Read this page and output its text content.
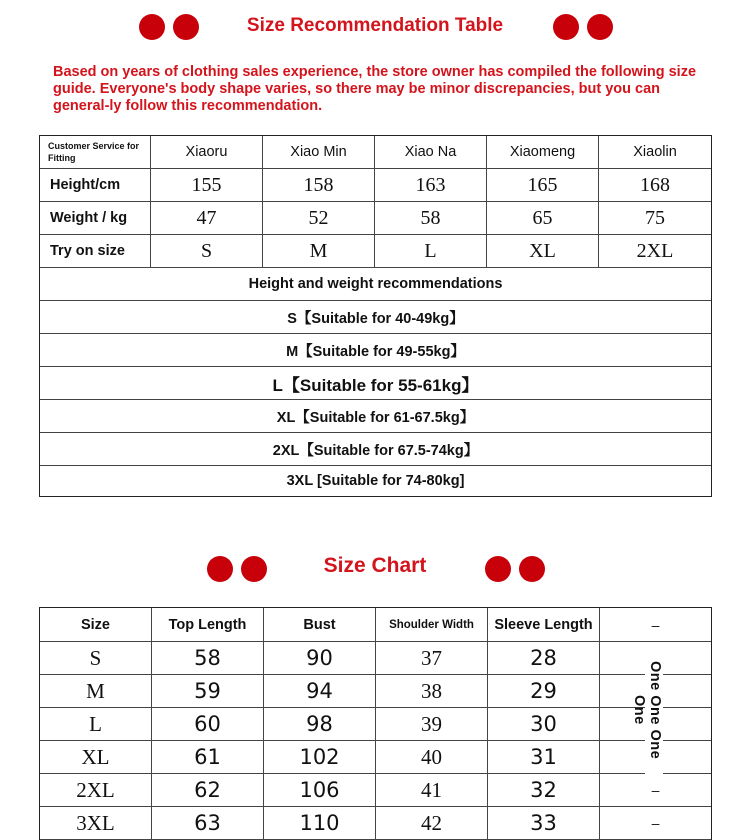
Size Recommendation Table
Based on years of clothing sales experience, the store owner has compiled the following size guide. Everyone's body shape varies, so there may be minor discrepancies, but you can general-ly follow this recommendation.
Customer Service for Fitting	Xiaoru	Xiao Min	Xiao Na	Xiaomeng	Xiaolin
Height/cm	155	158	163	165	168
Weight / kg	47	52	58	65	75
Try on size	S	M	L	XL	2XL
Height and weight recommendations
S【Suitable for 40-49kg】
M【Suitable for 49-55kg】
L【Suitable for 55-61kg】
XL【Suitable for 61-67.5kg】
2XL【Suitable for 67.5-74kg】
3XL [Suitable for 74-80kg]
Size Chart
Size	Top Length	Bust	Shoulder Width	Sleeve Length	–
S	58	90	37	28
M	59	94	38	29
L	60	98	39	30
XL	61	102	40	31
2XL	62	106	41	32	–
3XL	63	110	42	33	–
One One One One
